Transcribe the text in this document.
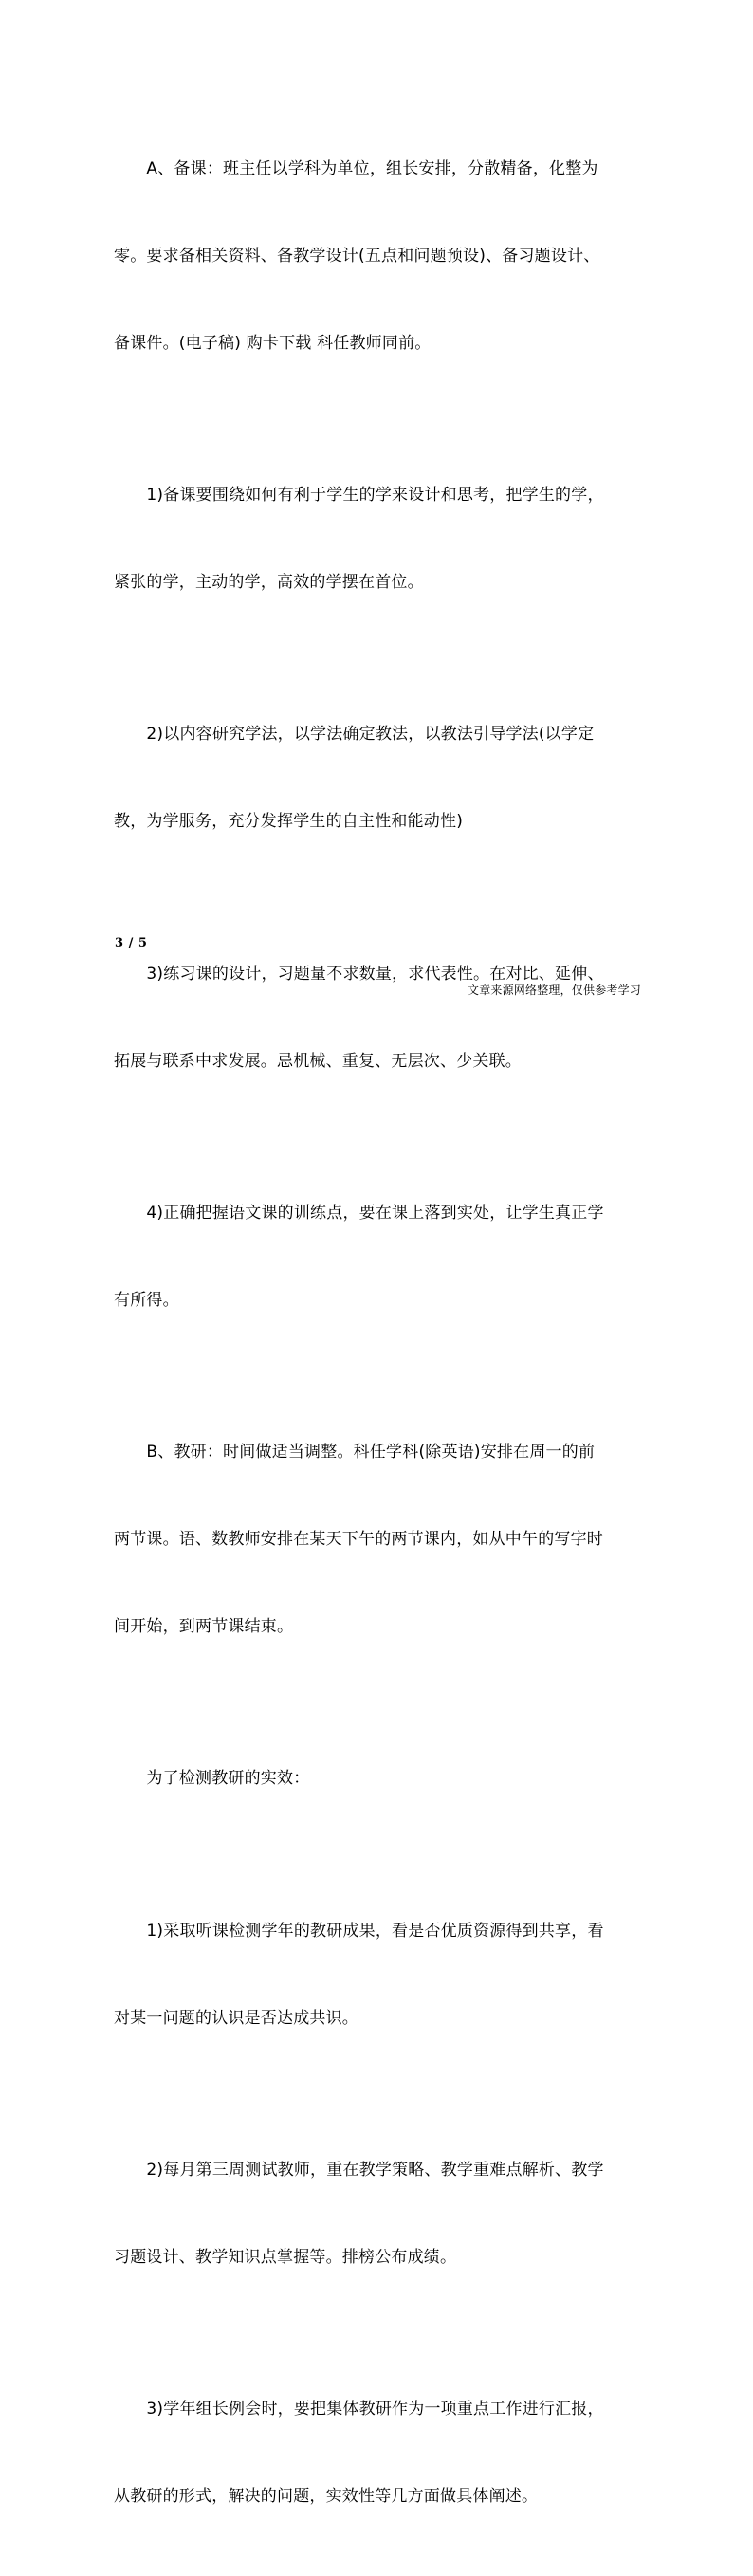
　　A、备课：班主任以学科为单位，组长安排，分散精备，化整为

零。要求备相关资料、备教学设计(五点和问题预设)、备习题设计、

备课件。(电子稿) 购卡下载 科任教师同前。

　　1)备课要围绕如何有利于学生的学来设计和思考，把学生的学，

紧张的学，主动的学，高效的学摆在首位。

　　2)以内容研究学法，以学法确定教法，以教法引导学法(以学定

教，为学服务，充分发挥学生的自主性和能动性)

　　3)练习课的设计，习题量不求数量，求代表性。在对比、延伸、

拓展与联系中求发展。忌机械、重复、无层次、少关联。

　　4)正确把握语文课的训练点，要在课上落到实处，让学生真正学

有所得。

　　B、教研：时间做适当调整。科任学科(除英语)安排在周一的前

两节课。语、数教师安排在某天下午的两节课内，如从中午的写字时

间开始，到两节课结束。

　　为了检测教研的实效：

　　1)采取听课检测学年的教研成果，看是否优质资源得到共享，看

对某一问题的认识是否达成共识。

　　2)每月第三周测试教师，重在教学策略、教学重难点解析、教学

习题设计、教学知识点掌握等。排榜公布成绩。

　　3)学年组长例会时，要把集体教研作为一项重点工作进行汇报，

从教研的形式，解决的问题，实效性等几方面做具体阐述。

3 / 5
文章来源网络整理，仅供参考学习
